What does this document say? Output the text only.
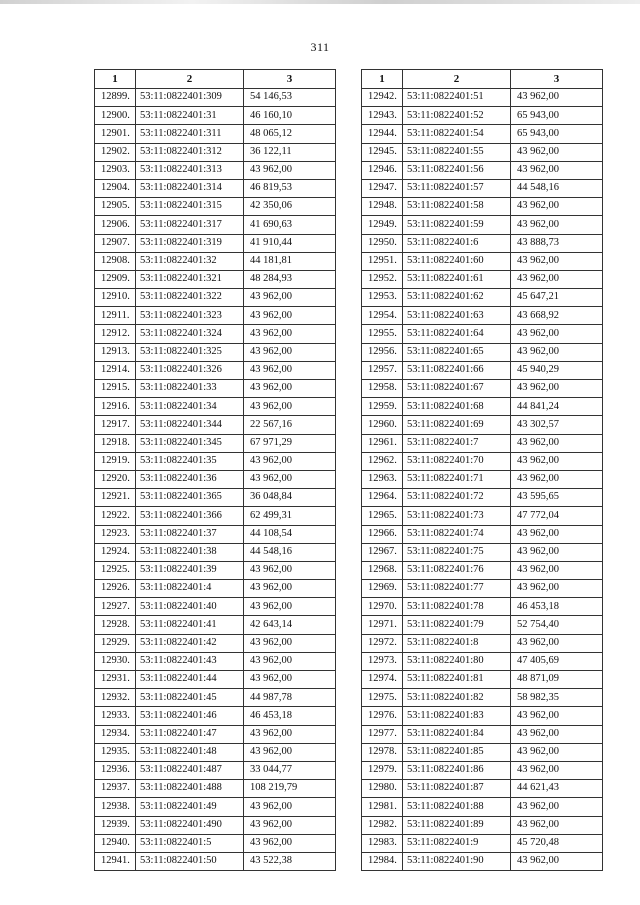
311
1	2	3
12899.	53:11:0822401:309	54 146,53
12900.	53:11:0822401:31	46 160,10
12901.	53:11:0822401:311	48 065,12
12902.	53:11:0822401:312	36 122,11
12903.	53:11:0822401:313	43 962,00
12904.	53:11:0822401:314	46 819,53
12905.	53:11:0822401:315	42 350,06
12906.	53:11:0822401:317	41 690,63
12907.	53:11:0822401:319	41 910,44
12908.	53:11:0822401:32	44 181,81
12909.	53:11:0822401:321	48 284,93
12910.	53:11:0822401:322	43 962,00
12911.	53:11:0822401:323	43 962,00
12912.	53:11:0822401:324	43 962,00
12913.	53:11:0822401:325	43 962,00
12914.	53:11:0822401:326	43 962,00
12915.	53:11:0822401:33	43 962,00
12916.	53:11:0822401:34	43 962,00
12917.	53:11:0822401:344	22 567,16
12918.	53:11:0822401:345	67 971,29
12919.	53:11:0822401:35	43 962,00
12920.	53:11:0822401:36	43 962,00
12921.	53:11:0822401:365	36 048,84
12922.	53:11:0822401:366	62 499,31
12923.	53:11:0822401:37	44 108,54
12924.	53:11:0822401:38	44 548,16
12925.	53:11:0822401:39	43 962,00
12926.	53:11:0822401:4	43 962,00
12927.	53:11:0822401:40	43 962,00
12928.	53:11:0822401:41	42 643,14
12929.	53:11:0822401:42	43 962,00
12930.	53:11:0822401:43	43 962,00
12931.	53:11:0822401:44	43 962,00
12932.	53:11:0822401:45	44 987,78
12933.	53:11:0822401:46	46 453,18
12934.	53:11:0822401:47	43 962,00
12935.	53:11:0822401:48	43 962,00
12936.	53:11:0822401:487	33 044,77
12937.	53:11:0822401:488	108 219,79
12938.	53:11:0822401:49	43 962,00
12939.	53:11:0822401:490	43 962,00
12940.	53:11:0822401:5	43 962,00
12941.	53:11:0822401:50	43 522,38
1	2	3
12942.	53:11:0822401:51	43 962,00
12943.	53:11:0822401:52	65 943,00
12944.	53:11:0822401:54	65 943,00
12945.	53:11:0822401:55	43 962,00
12946.	53:11:0822401:56	43 962,00
12947.	53:11:0822401:57	44 548,16
12948.	53:11:0822401:58	43 962,00
12949.	53:11:0822401:59	43 962,00
12950.	53:11:0822401:6	43 888,73
12951.	53:11:0822401:60	43 962,00
12952.	53:11:0822401:61	43 962,00
12953.	53:11:0822401:62	45 647,21
12954.	53:11:0822401:63	43 668,92
12955.	53:11:0822401:64	43 962,00
12956.	53:11:0822401:65	43 962,00
12957.	53:11:0822401:66	45 940,29
12958.	53:11:0822401:67	43 962,00
12959.	53:11:0822401:68	44 841,24
12960.	53:11:0822401:69	43 302,57
12961.	53:11:0822401:7	43 962,00
12962.	53:11:0822401:70	43 962,00
12963.	53:11:0822401:71	43 962,00
12964.	53:11:0822401:72	43 595,65
12965.	53:11:0822401:73	47 772,04
12966.	53:11:0822401:74	43 962,00
12967.	53:11:0822401:75	43 962,00
12968.	53:11:0822401:76	43 962,00
12969.	53:11:0822401:77	43 962,00
12970.	53:11:0822401:78	46 453,18
12971.	53:11:0822401:79	52 754,40
12972.	53:11:0822401:8	43 962,00
12973.	53:11:0822401:80	47 405,69
12974.	53:11:0822401:81	48 871,09
12975.	53:11:0822401:82	58 982,35
12976.	53:11:0822401:83	43 962,00
12977.	53:11:0822401:84	43 962,00
12978.	53:11:0822401:85	43 962,00
12979.	53:11:0822401:86	43 962,00
12980.	53:11:0822401:87	44 621,43
12981.	53:11:0822401:88	43 962,00
12982.	53:11:0822401:89	43 962,00
12983.	53:11:0822401:9	45 720,48
12984.	53:11:0822401:90	43 962,00
